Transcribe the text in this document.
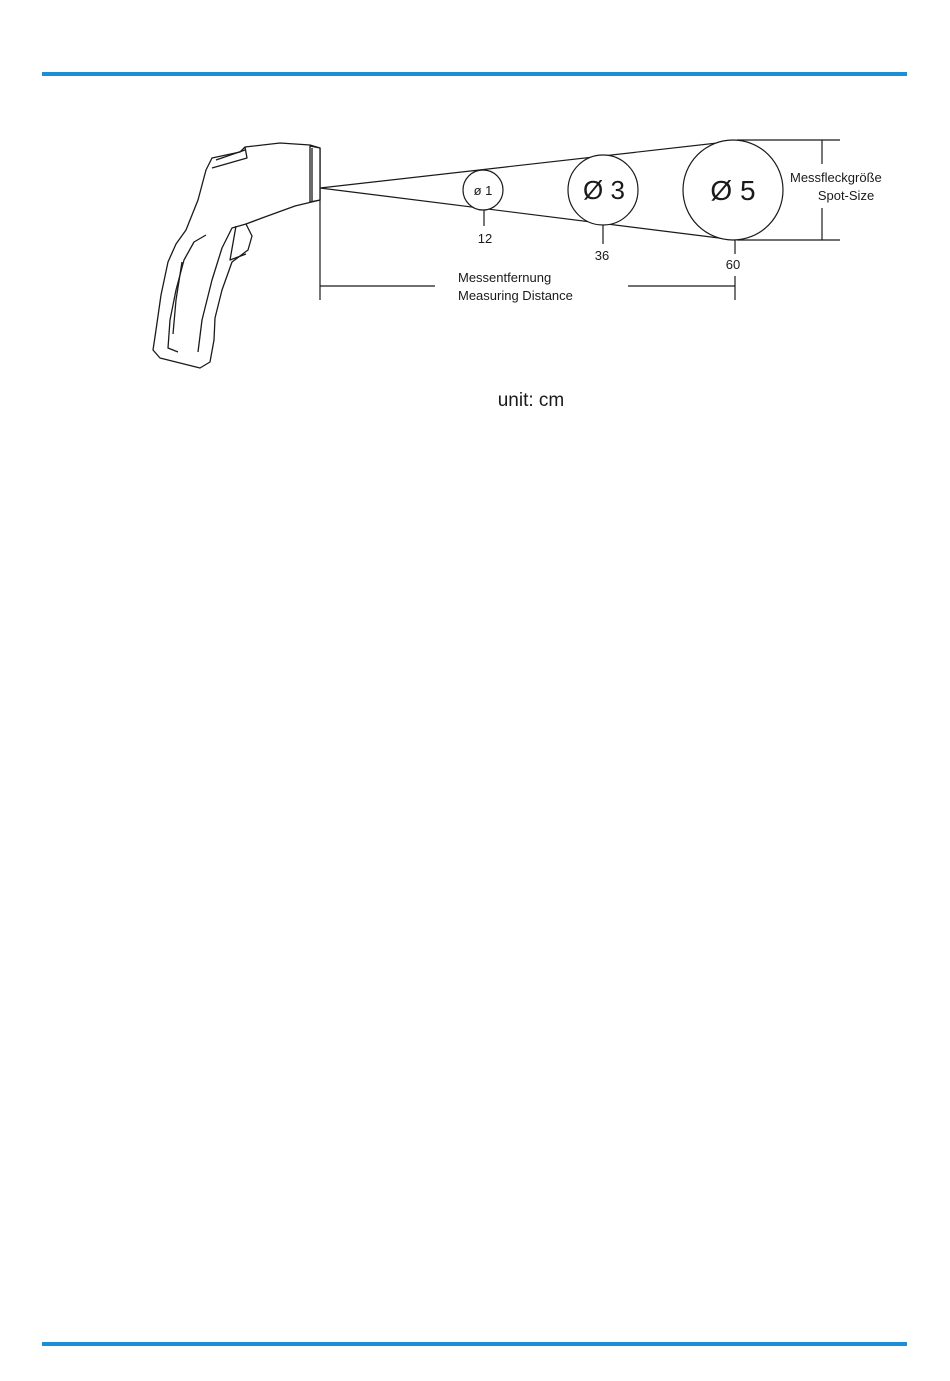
ø 1
12
Ø 3
36
Ø 5
60
Messfleckgröße
Spot-Size
Messentfernung
Measuring Distance
unit: cm
